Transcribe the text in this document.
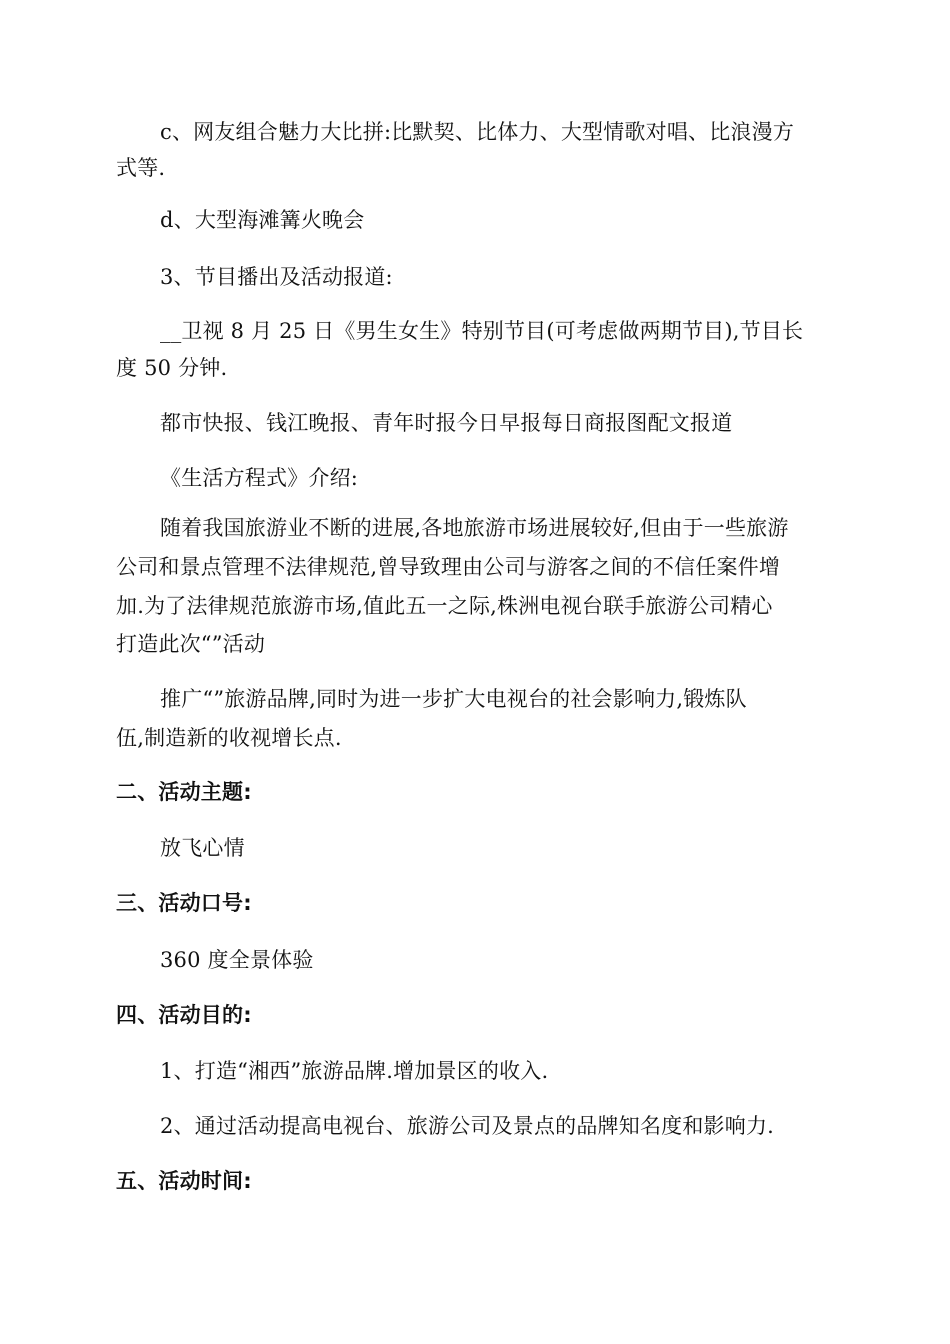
c、网友组合魅力大比拼:比默契、比体力、大型情歌对唱、比浪漫方
式等.
d、大型海滩篝火晚会
3、节目播出及活动报道:
__卫视 8 月 25 日《男生女生》特别节目(可考虑做两期节目),节目长
度 50 分钟.
都市快报、钱江晚报、青年时报今日早报每日商报图配文报道
《生活方程式》介绍:
随着我国旅游业不断的进展,各地旅游市场进展较好,但由于一些旅游
公司和景点管理不法律规范,曾导致理由公司与游客之间的不信任案件增
加.为了法律规范旅游市场,值此五一之际,株洲电视台联手旅游公司精心
打造此次“”活动
推广“”旅游品牌,同时为进一步扩大电视台的社会影响力,锻炼队
伍,制造新的收视增长点.
二、活动主题:
放飞心情
三、活动口号:
360 度全景体验
四、活动目的:
1、打造“湘西”旅游品牌.增加景区的收入.
2、通过活动提高电视台、旅游公司及景点的品牌知名度和影响力.
五、活动时间:
